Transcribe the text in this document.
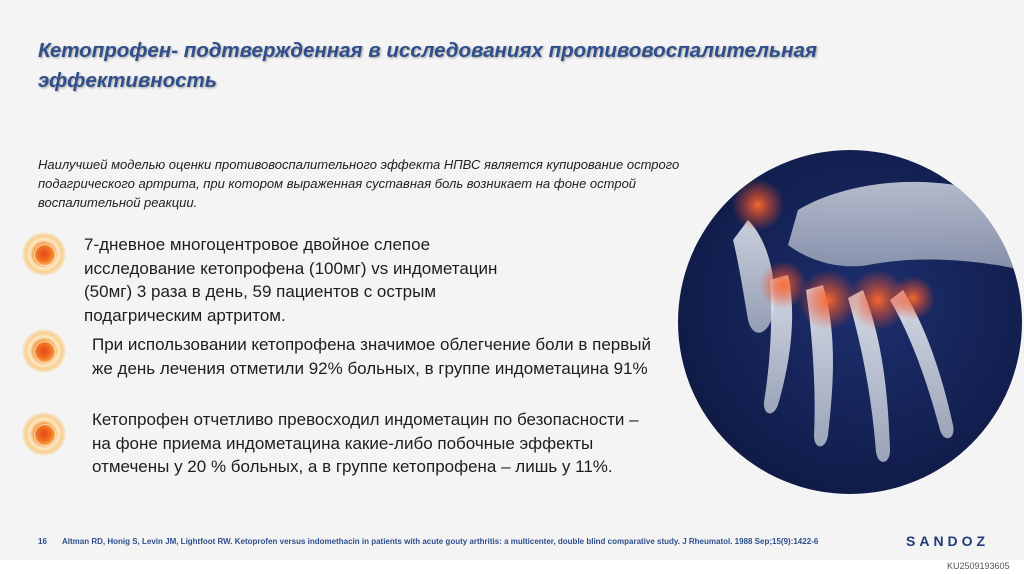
Кетопрофен- подтвержденная в исследованиях противовоспалительная эффективность
Наилучшей моделью оценки противовоспалительного эффекта НПВС является купирование острого подагрического артрита, при котором выраженная суставная боль возникает на фоне острой воспалительной реакции.
7-дневное многоцентровое двойное слепое исследование кетопрофена (100мг) vs индометацин (50мг) 3 раза в день, 59 пациентов с острым подагрическим артритом.
При использовании кетопрофена значимое облегчение боли в первый же день лечения отметили 92% больных, в группе индометацина 91%
Кетопрофен отчетливо превосходил индометацин по безопасности – на фоне приема индометацина какие-либо побочные эффекты отмечены у 20 % больных, а в группе кетопрофена – лишь у 11%.
16 Altman RD, Honig S, Levin JM, Lightfoot RW. Ketoprofen versus indomethacin in patients with acute gouty arthritis: a multicenter, double blind comparative study. J Rheumatol. 1988 Sep;15(9):1422-6	SANDOZ
KU2509193605
